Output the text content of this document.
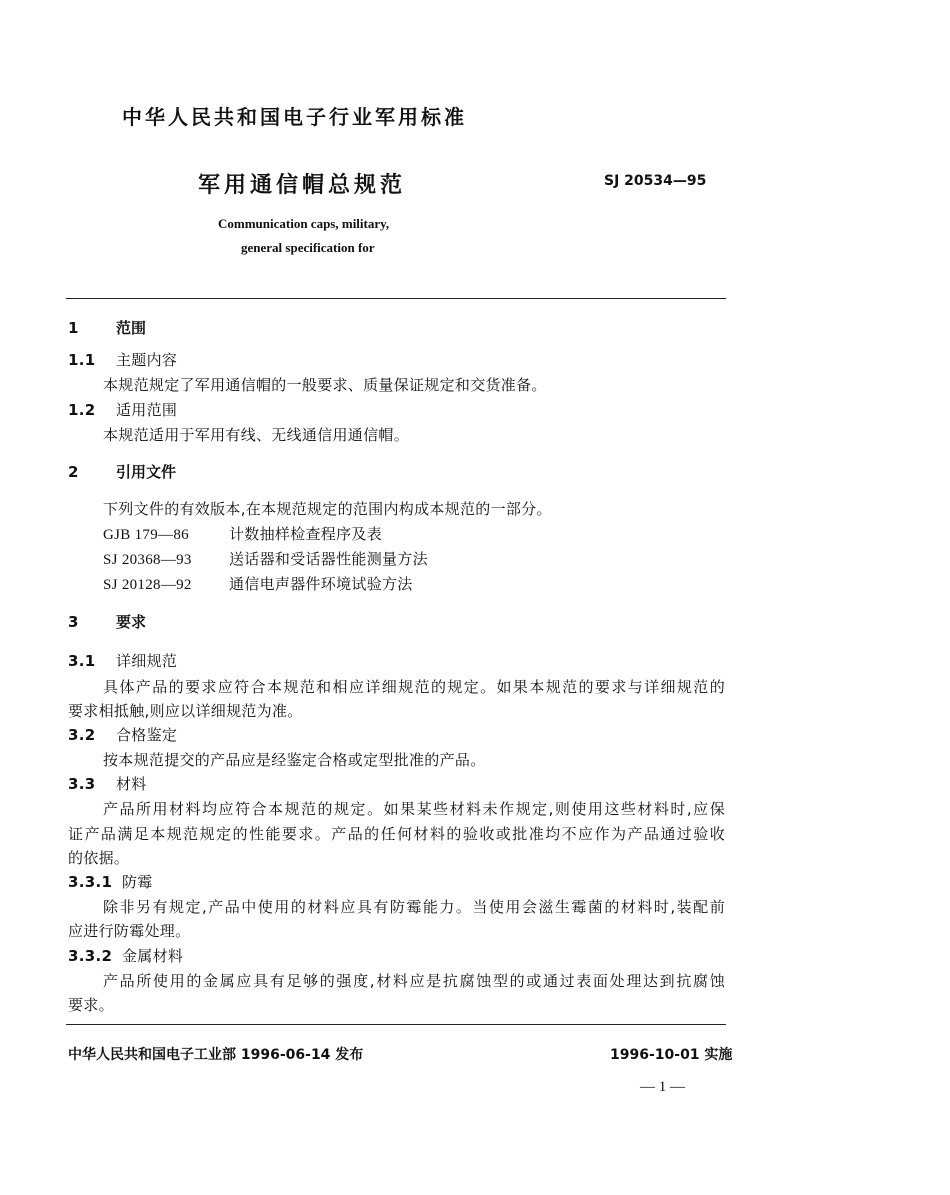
中华人民共和国电子行业军用标准
军用通信帽总规范	SJ 20534—95
Communication caps, military,
general specification for
1	范围
1.1 主题内容
本规范规定了军用通信帽的一般要求、质量保证规定和交货准备。
1.2 适用范围
本规范适用于军用有线、无线通信用通信帽。
2	引用文件
下列文件的有效版本,在本规范规定的范围内构成本规范的一部分。
GJB 179—86	计数抽样检查程序及表
SJ 20368—93 送话器和受话器性能测量方法
SJ 20128—92 通信电声器件环境试验方法
3	要求
3.1 详细规范
具体产品的要求应符合本规范和相应详细规范的规定。如果本规范的要求与详细规范的
要求相抵触,则应以详细规范为准。
3.2 合格鉴定
按本规范提交的产品应是经鉴定合格或定型批准的产品。
3.3 材料
产品所用材料均应符合本规范的规定。如果某些材料未作规定,则使用这些材料时,应保
证产品满足本规范规定的性能要求。产品的任何材料的验收或批准均不应作为产品通过验收
的依据。
3.3.1 防霉
除非另有规定,产品中使用的材料应具有防霉能力。当使用会滋生霉菌的材料时,装配前
应进行防霉处理。
3.3.2 金属材料
产品所使用的金属应具有足够的强度,材料应是抗腐蚀型的或通过表面处理达到抗腐蚀
要求。
中华人民共和国电子工业部 1996-06-14 发布	1996-10-01 实施
— 1 —
